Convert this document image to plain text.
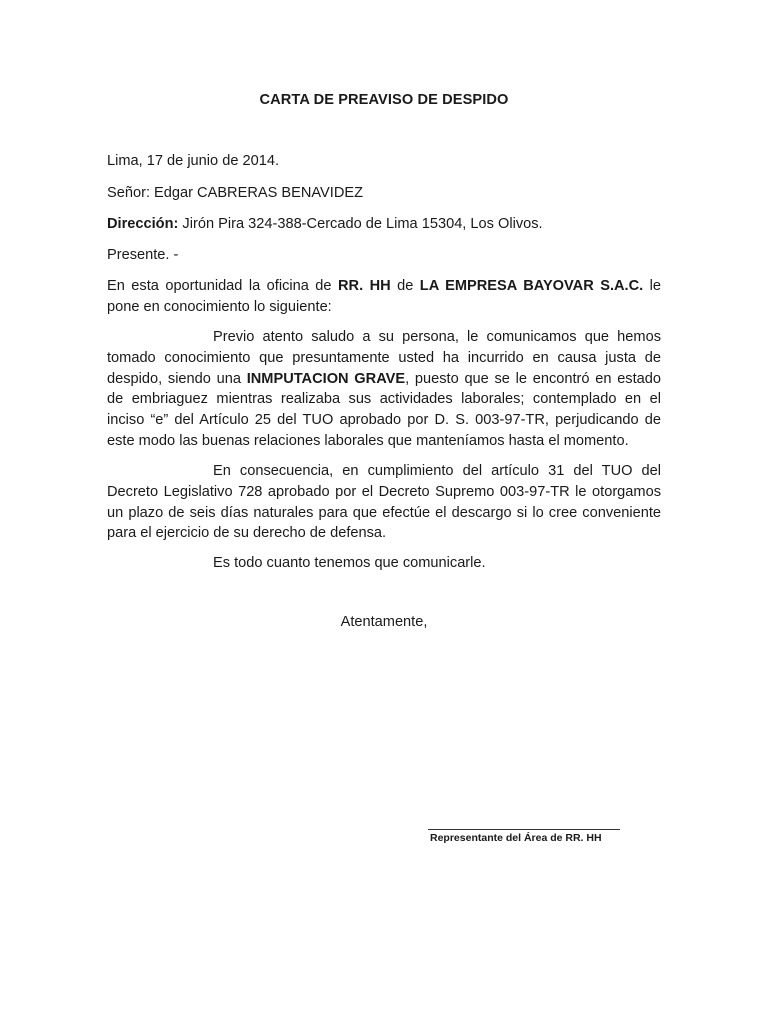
CARTA DE PREAVISO DE DESPIDO
Lima, 17 de junio de 2014.
Señor: Edgar CABRERAS BENAVIDEZ
Dirección: Jirón Pira 324-388-Cercado de Lima 15304, Los Olivos.
Presente. -
En esta oportunidad la oficina de RR. HH de LA EMPRESA BAYOVAR S.A.C. le pone en conocimiento lo siguiente:
Previo atento saludo a su persona, le comunicamos que hemos tomado conocimiento que presuntamente usted ha incurrido en causa justa de despido, siendo una INMPUTACION GRAVE, puesto que se le encontró en estado de embriaguez mientras realizaba sus actividades laborales; contemplado en el inciso “e” del Artículo 25 del TUO aprobado por D. S. 003-97-TR, perjudicando de este modo las buenas relaciones laborales que manteníamos hasta el momento.
En consecuencia, en cumplimiento del artículo 31 del TUO del Decreto Legislativo 728 aprobado por el Decreto Supremo 003-97-TR le otorgamos un plazo de seis días naturales para que efectúe el descargo si lo cree conveniente para el ejercicio de su derecho de defensa.
Es todo cuanto tenemos que comunicarle.
Atentamente,
Representante del Área de RR. HH
